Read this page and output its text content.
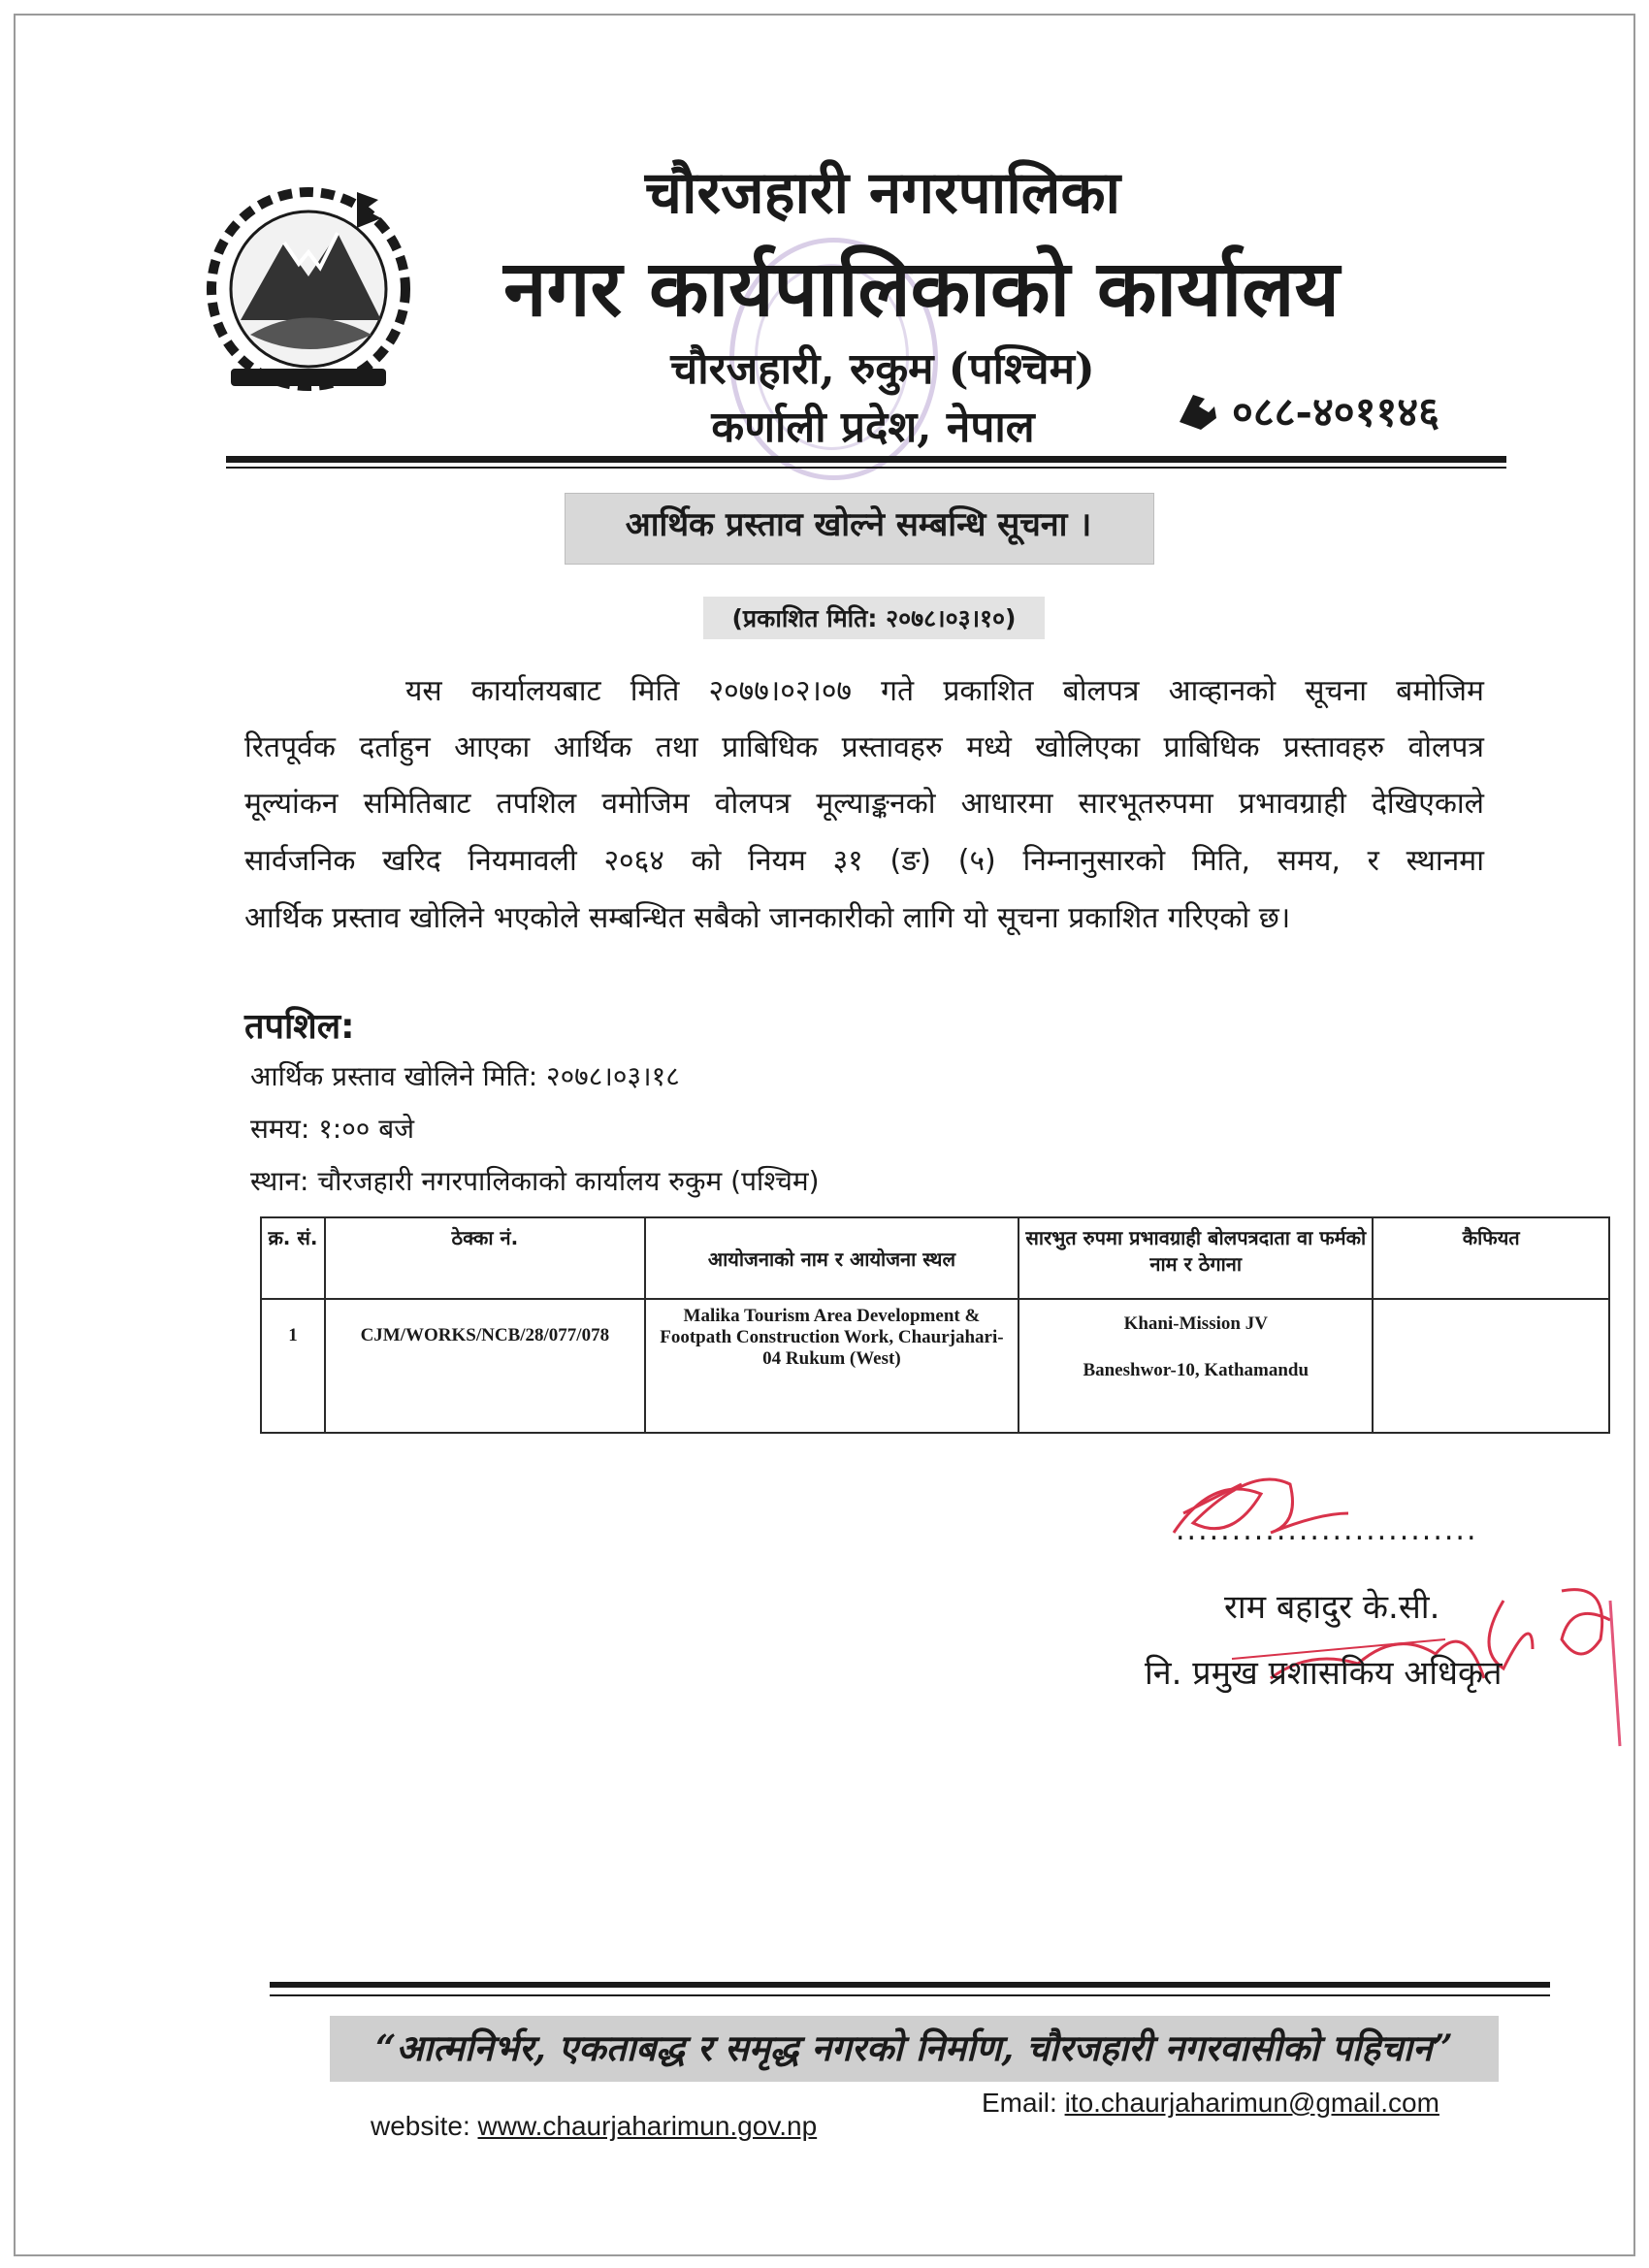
चौरजहारी नगरपालिका
नगर कार्यपालिकाको कार्यालय
चौरजहारी, रुकुम (पश्चिम)
कर्णाली प्रदेश, नेपाल	०८८-४०११४६
आर्थिक प्रस्ताव खोल्ने सम्बन्धि सूचना ।
(प्रकाशित मिति: २०७८।०३।१०)
यस कार्यालयबाट मिति २०७७।०२।०७ गते प्रकाशित बोलपत्र आव्हानको सूचना बमोजिम
रितपूर्वक दर्ताहुन आएका आर्थिक तथा प्राबिधिक प्रस्तावहरु मध्ये खोलिएका प्राबिधिक प्रस्तावहरु वोलपत्र
मूल्यांकन समितिबाट तपशिल वमोजिम वोलपत्र मूल्याङ्कनको आधारमा सारभूतरुपमा प्रभावग्राही देखिएकाले
सार्वजनिक खरिद नियमावली २०६४ को नियम ३१ (ङ) (५) निम्नानुसारको मिति, समय, र स्थानमा
आर्थिक प्रस्ताव खोलिने भएकोले सम्बन्धित सबैको जानकारीको लागि यो सूचना प्रकाशित गरिएको छ।
तपशिल:
आर्थिक प्रस्ताव खोलिने मिति: २०७८।०३।१८
समय: १:०० बजे
स्थान: चौरजहारी नगरपालिकाको कार्यालय रुकुम (पश्चिम)
क्र. सं.	ठेक्का नं.	आयोजनाको नाम र आयोजना स्थल	सारभुत रुपमा प्रभावग्राही बोलपत्रदाता वा फर्मको नाम र ठेगाना	कैफियत
1	CJM/WORKS/NCB/28/077/078	Malika Tourism Area Development & Footpath Construction Work, Chaurjahari-04 Rukum (West)	Khani-Mission JV
Baneshwor-10, Kathamandu	

...........................
राम बहादुर के.सी.
नि. प्रमुख प्रशासकिय अधिकृत
“आत्मनिर्भर, एकताबद्ध र समृद्ध नगरको निर्माण, चौरजहारी नगरवासीको पहिचान”
website: www.chaurjaharimun.gov.np
Email: ito.chaurjaharimun@gmail.com
